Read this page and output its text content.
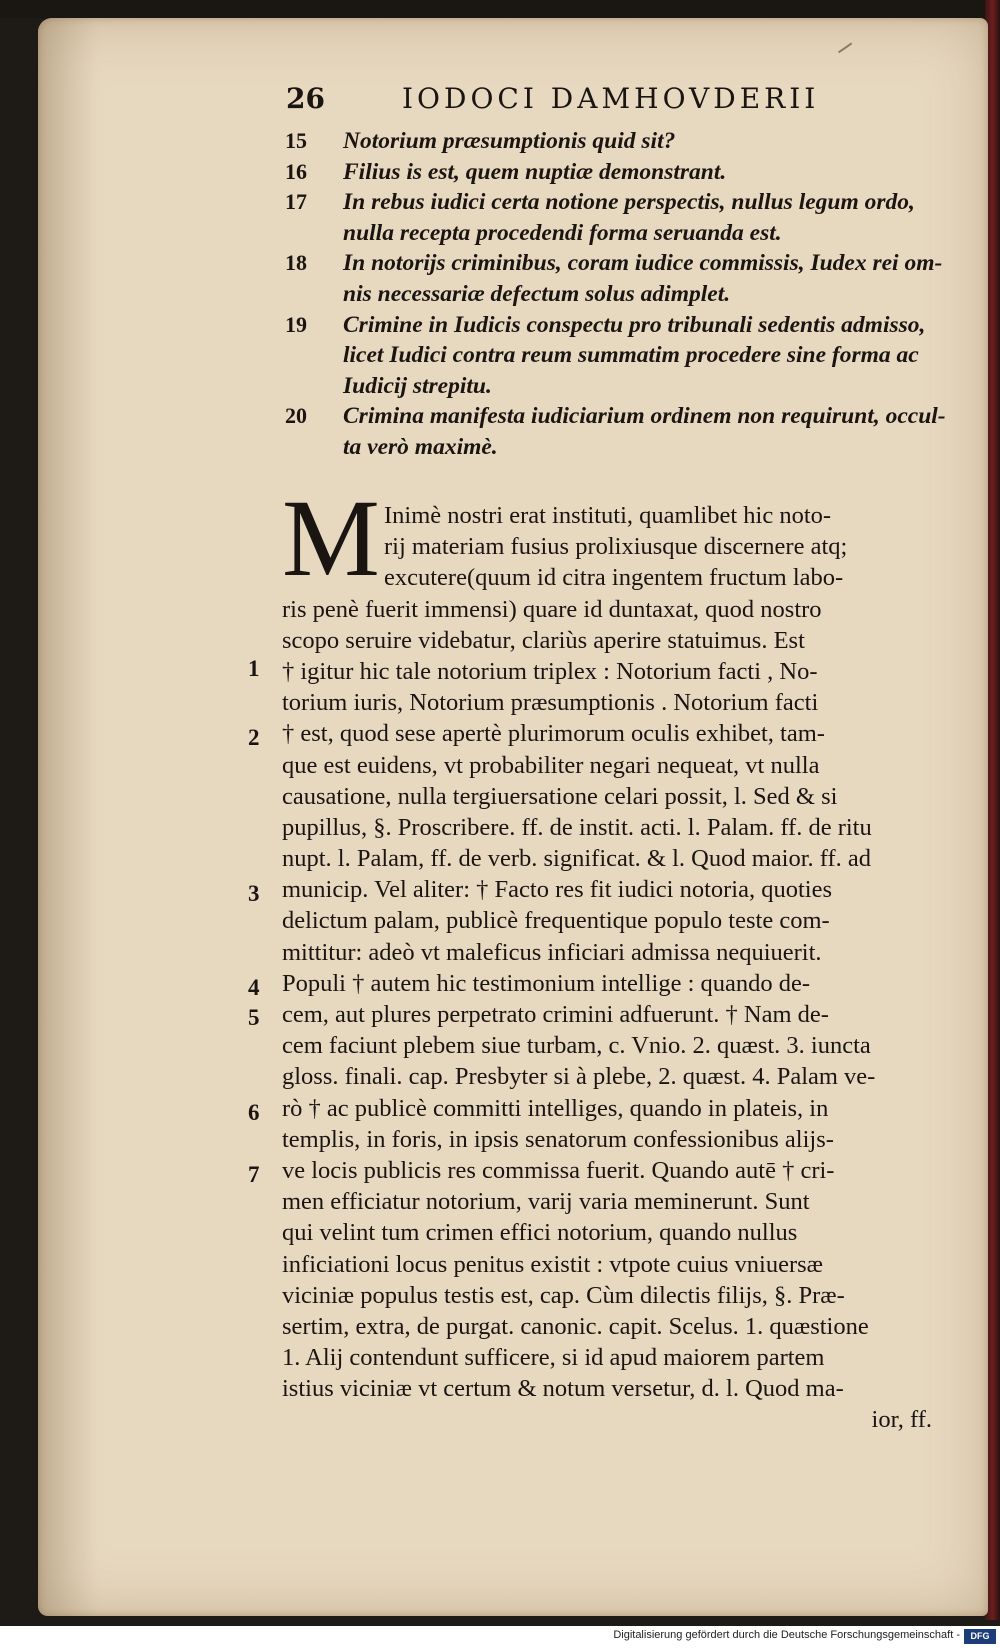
26	IODOCI DAMHOVDERII
15 Notorium præsumptionis quid sit?
16 Filius is est, quem nuptiæ demonstrant.
17 In rebus iudici certa notione perspectis, nullus legum ordo,
nulla recepta procedendi forma seruanda est.
18 In notorijs criminibus, coram iudice commissis, Iudex rei om-
nis necessariæ defectum solus adimplet.
19 Crimine in Iudicis conspectu pro tribunali sedentis admisso,
licet Iudici contra reum summatim procedere sine forma ac
Iudicij strepitu.
20 Crimina manifesta iudiciarium ordinem non requirunt, occul-
ta verò maximè.
M Inimè nostri erat instituti, quamlibet hic noto-
rij materiam fusius prolixiusque discernere atq;
excutere(quum id citra ingentem fructum labo-
ris penè fuerit immensi) quare id duntaxat, quod nostro
scopo seruire videbatur, clariùs aperire statuimus. Est
† igitur hic tale notorium triplex : Notorium facti , No-
torium iuris, Notorium præsumptionis . Notorium facti
† est, quod sese apertè plurimorum oculis exhibet, tam-
que est euidens, vt probabiliter negari nequeat, vt nulla
causatione, nulla tergiuersatione celari possit, l. Sed & si
pupillus, §. Proscribere. ff. de instit. acti. l. Palam. ff. de ritu
nupt. l. Palam, ff. de verb. significat. & l. Quod maior. ff. ad
municip. Vel aliter: † Facto res fit iudici notoria, quoties
delictum palam, publicè frequentique populo teste com-
mittitur: adeò vt maleficus inficiari admissa nequiuerit.
Populi † autem hic testimonium intellige : quando de-
cem, aut plures perpetrato crimini adfuerunt. † Nam de-
cem faciunt plebem siue turbam, c. Vnio. 2. quæst. 3. iuncta
gloss. finali. cap. Presbyter si à plebe, 2. quæst. 4. Palam ve-
rò † ac publicè committi intelliges, quando in plateis, in
templis, in foris, in ipsis senatorum confessionibus alijs-
ve locis publicis res commissa fuerit. Quando autē † cri-
men efficiatur notorium, varij varia meminerunt. Sunt
qui velint tum crimen effici notorium, quando nullus
inficiationi locus penitus existit : vtpote cuius vniuersæ
viciniæ populus testis est, cap. Cùm dilectis filijs, §. Præ-
sertim, extra, de purgat. canonic. capit. Scelus. 1. quæstione
1. Alij contendunt sufficere, si id apud maiorem partem
istius viciniæ vt certum & notum versetur, d. l. Quod ma-
ior, ff.
1
2
3
4
5
6
7
Digitalisierung gefördert durch die Deutsche Forschungsgemeinschaft -	DFG
